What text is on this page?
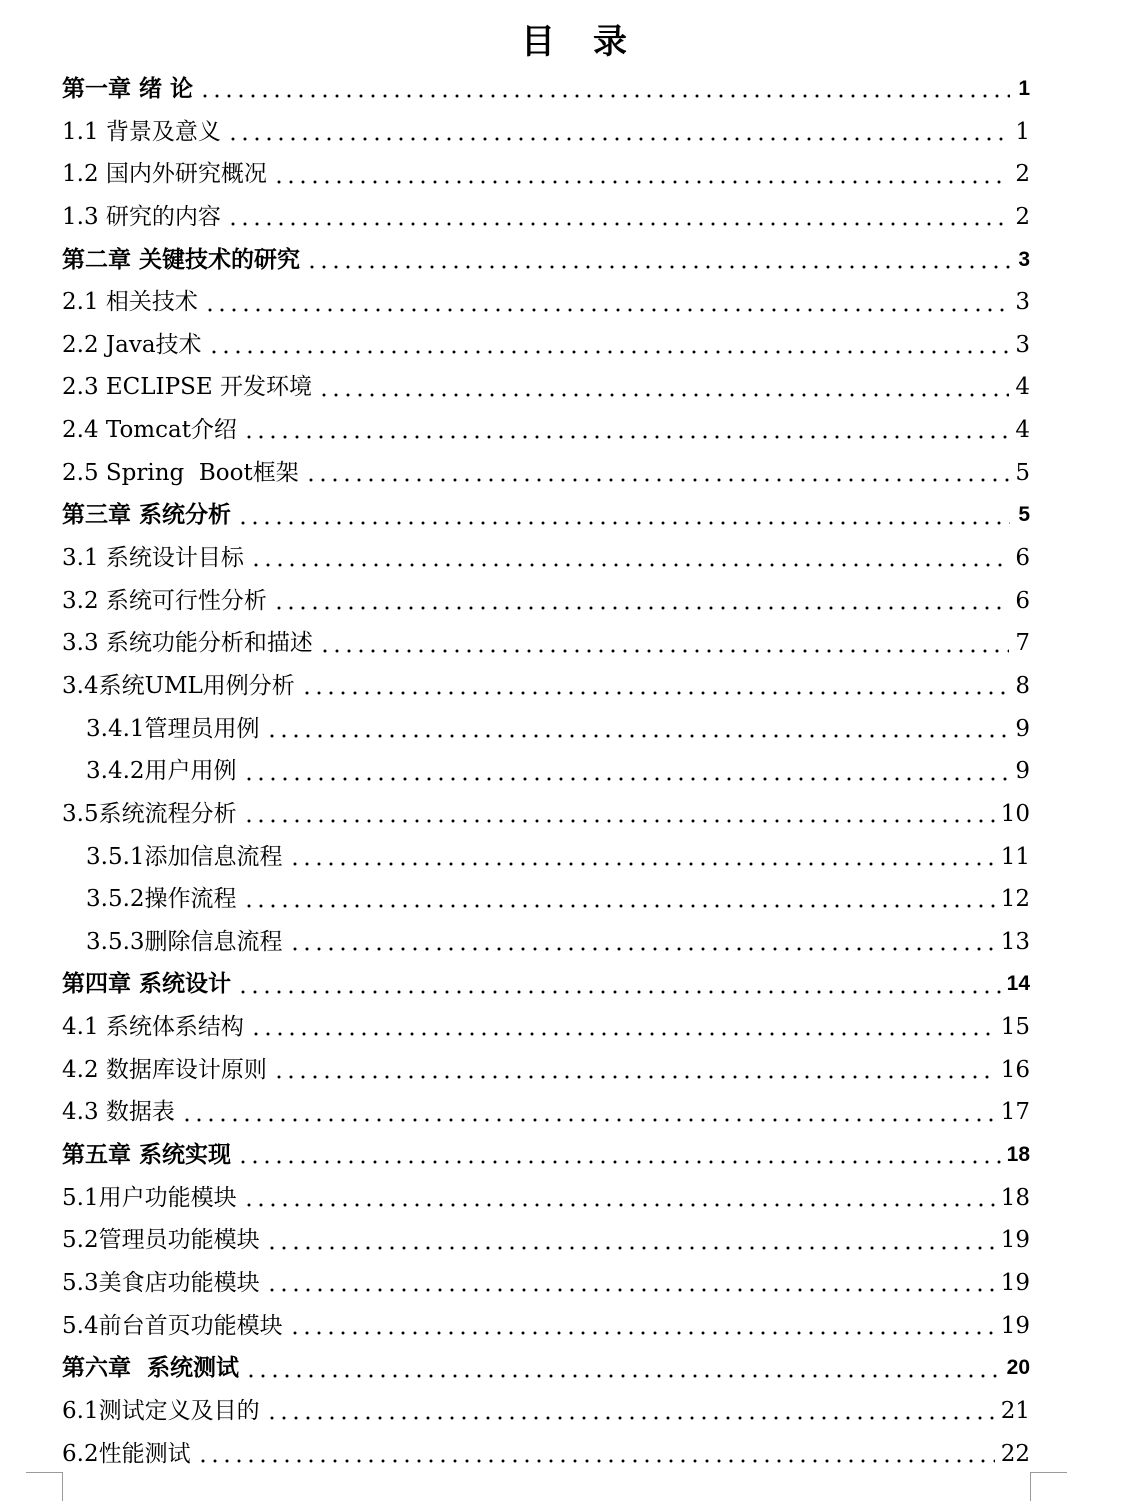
目录
第一章 绪 论	1
1.1 背景及意义	1
1.2 国内外研究概况	2
1.3 研究的内容	2
第二章 关键技术的研究	3
2.1 相关技术	3
2.2 Java技术	3
2.3 ECLIPSE 开发环境	4
2.4 Tomcat介绍	4
2.5 Spring  Boot框架	5
第三章 系统分析	5
3.1 系统设计目标	6
3.2 系统可行性分析	6
3.3 系统功能分析和描述	7
3.4系统UML用例分析	8
3.4.1管理员用例	9
3.4.2用户用例	9
3.5系统流程分析	10
3.5.1添加信息流程	11
3.5.2操作流程	12
3.5.3删除信息流程	13
第四章 系统设计	14
4.1 系统体系结构	15
4.2 数据库设计原则	16
4.3 数据表	17
第五章 系统实现	18
5.1用户功能模块	18
5.2管理员功能模块	19
5.3美食店功能模块	19
5.4前台首页功能模块	19
第六章  系统测试	20
6.1测试定义及目的	21
6.2性能测试	22
